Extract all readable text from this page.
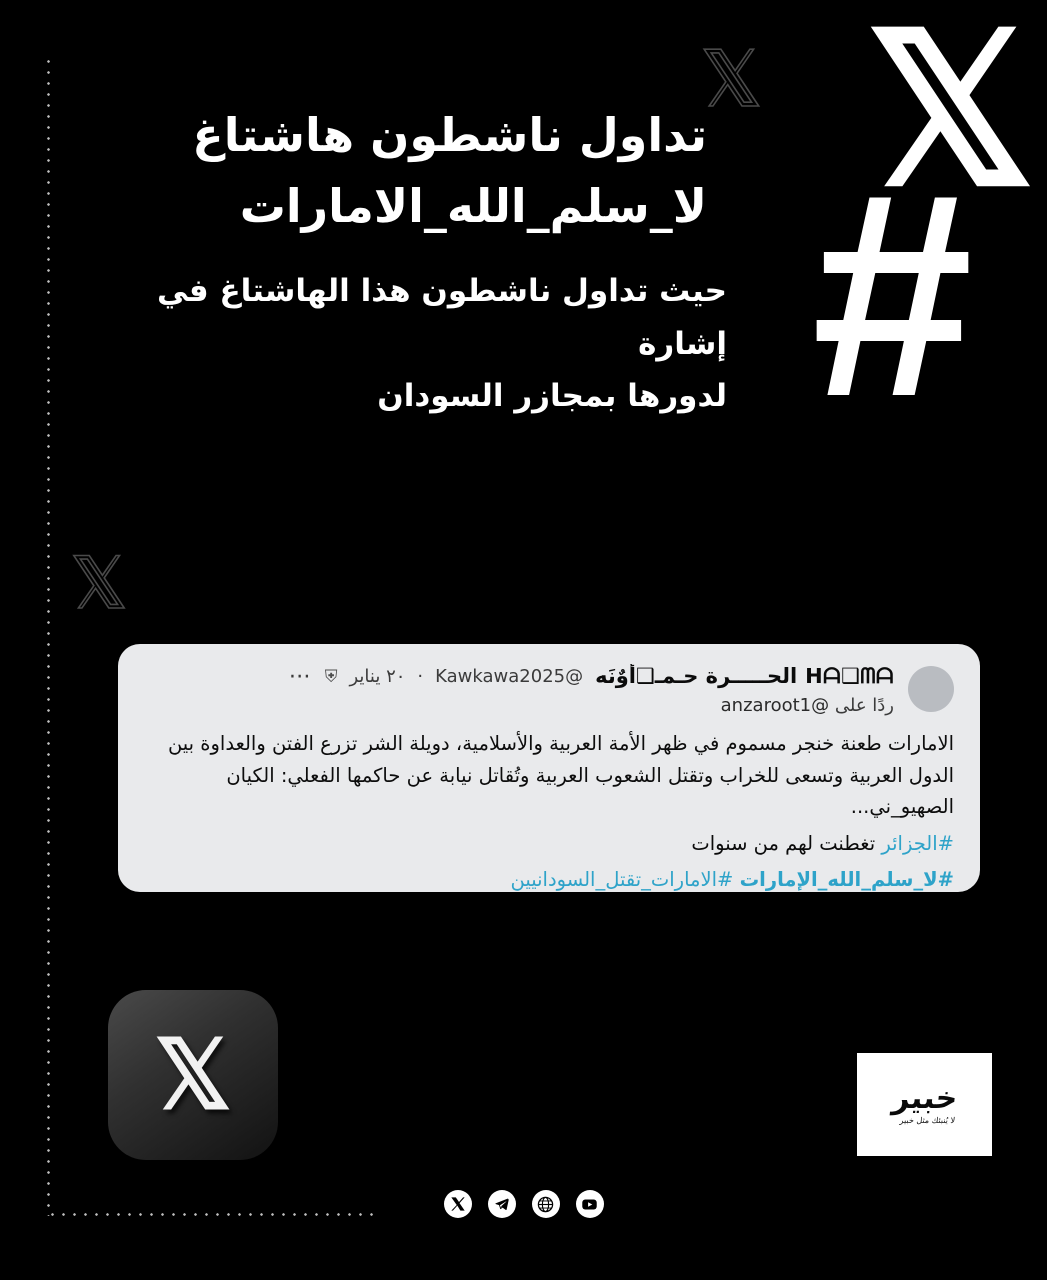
𝕏
𝕏
𝕏
#
تداول ناشطون هاشتاغ
لا_سلم_الله_الامارات
حيث تداول ناشطون هذا الهاشتاغ في إشارة
لدورها بمجازر السودان
ᕼᗩ❑ᗰᗩ الحـــــرة حـمـ❑أوٌنَه
@Kawkawa2025
·
٢٠ يناير
⛨
⋯
ردًا على @anzaroot1
الامارات طعنة خنجر مسموم في ظهر الأمة العربية والأسلامية، دويلة الشر تزرع الفتن والعداوة بين الدول العربية وتسعى للخراب وتقتل الشعوب العربية وتُقاتل نيابة عن حاكمها الفعلي: الكيان الصهيو_ني...
#الجزائر تغطنت لهم من سنوات
#لا_سلم_الله_الإمارات #الامارات_تقتل_السودانيين
𝕏	خبير
لا يُنبئك مثل خبير
